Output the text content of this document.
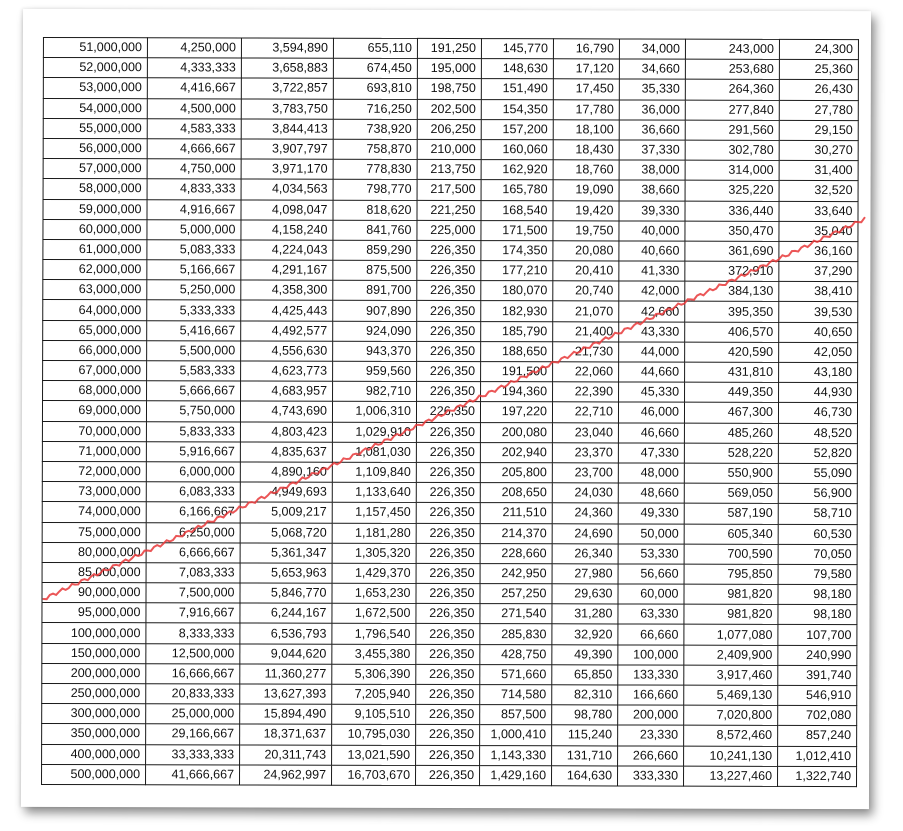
51,000,000	4,250,000	3,594,890	655,110	191,250	145,770	16,790	34,000	243,000	24,300
52,000,000	4,333,333	3,658,883	674,450	195,000	148,630	17,120	34,660	253,680	25,360
53,000,000	4,416,667	3,722,857	693,810	198,750	151,490	17,450	35,330	264,360	26,430
54,000,000	4,500,000	3,783,750	716,250	202,500	154,350	17,780	36,000	277,840	27,780
55,000,000	4,583,333	3,844,413	738,920	206,250	157,200	18,100	36,660	291,560	29,150
56,000,000	4,666,667	3,907,797	758,870	210,000	160,060	18,430	37,330	302,780	30,270
57,000,000	4,750,000	3,971,170	778,830	213,750	162,920	18,760	38,000	314,000	31,400
58,000,000	4,833,333	4,034,563	798,770	217,500	165,780	19,090	38,660	325,220	32,520
59,000,000	4,916,667	4,098,047	818,620	221,250	168,540	19,420	39,330	336,440	33,640
60,000,000	5,000,000	4,158,240	841,760	225,000	171,500	19,750	40,000	350,470	35,040
61,000,000	5,083,333	4,224,043	859,290	226,350	174,350	20,080	40,660	361,690	36,160
62,000,000	5,166,667	4,291,167	875,500	226,350	177,210	20,410	41,330	372,910	37,290
63,000,000	5,250,000	4,358,300	891,700	226,350	180,070	20,740	42,000	384,130	38,410
64,000,000	5,333,333	4,425,443	907,890	226,350	182,930	21,070	42,660	395,350	39,530
65,000,000	5,416,667	4,492,577	924,090	226,350	185,790	21,400	43,330	406,570	40,650
66,000,000	5,500,000	4,556,630	943,370	226,350	188,650	21,730	44,000	420,590	42,050
67,000,000	5,583,333	4,623,773	959,560	226,350	191,500	22,060	44,660	431,810	43,180
68,000,000	5,666,667	4,683,957	982,710	226,350	194,360	22,390	45,330	449,350	44,930
69,000,000	5,750,000	4,743,690	1,006,310	226,350	197,220	22,710	46,000	467,300	46,730
70,000,000	5,833,333	4,803,423	1,029,910	226,350	200,080	23,040	46,660	485,260	48,520
71,000,000	5,916,667	4,835,637	1,081,030	226,350	202,940	23,370	47,330	528,220	52,820
72,000,000	6,000,000	4,890,160	1,109,840	226,350	205,800	23,700	48,000	550,900	55,090
73,000,000	6,083,333	4,949,693	1,133,640	226,350	208,650	24,030	48,660	569,050	56,900
74,000,000	6,166,667	5,009,217	1,157,450	226,350	211,510	24,360	49,330	587,190	58,710
75,000,000	6,250,000	5,068,720	1,181,280	226,350	214,370	24,690	50,000	605,340	60,530
80,000,000	6,666,667	5,361,347	1,305,320	226,350	228,660	26,340	53,330	700,590	70,050
85,000,000	7,083,333	5,653,963	1,429,370	226,350	242,950	27,980	56,660	795,850	79,580
90,000,000	7,500,000	5,846,770	1,653,230	226,350	257,250	29,630	60,000	981,820	98,180
95,000,000	7,916,667	6,244,167	1,672,500	226,350	271,540	31,280	63,330	981,820	98,180
100,000,000	8,333,333	6,536,793	1,796,540	226,350	285,830	32,920	66,660	1,077,080	107,700
150,000,000	12,500,000	9,044,620	3,455,380	226,350	428,750	49,390	100,000	2,409,900	240,990
200,000,000	16,666,667	11,360,277	5,306,390	226,350	571,660	65,850	133,330	3,917,460	391,740
250,000,000	20,833,333	13,627,393	7,205,940	226,350	714,580	82,310	166,660	5,469,130	546,910
300,000,000	25,000,000	15,894,490	9,105,510	226,350	857,500	98,780	200,000	7,020,800	702,080
350,000,000	29,166,667	18,371,637	10,795,030	226,350	1,000,410	115,240	23,330	8,572,460	857,240
400,000,000	33,333,333	20,311,743	13,021,590	226,350	1,143,330	131,710	266,660	10,241,130	1,012,410
500,000,000	41,666,667	24,962,997	16,703,670	226,350	1,429,160	164,630	333,330	13,227,460	1,322,740
